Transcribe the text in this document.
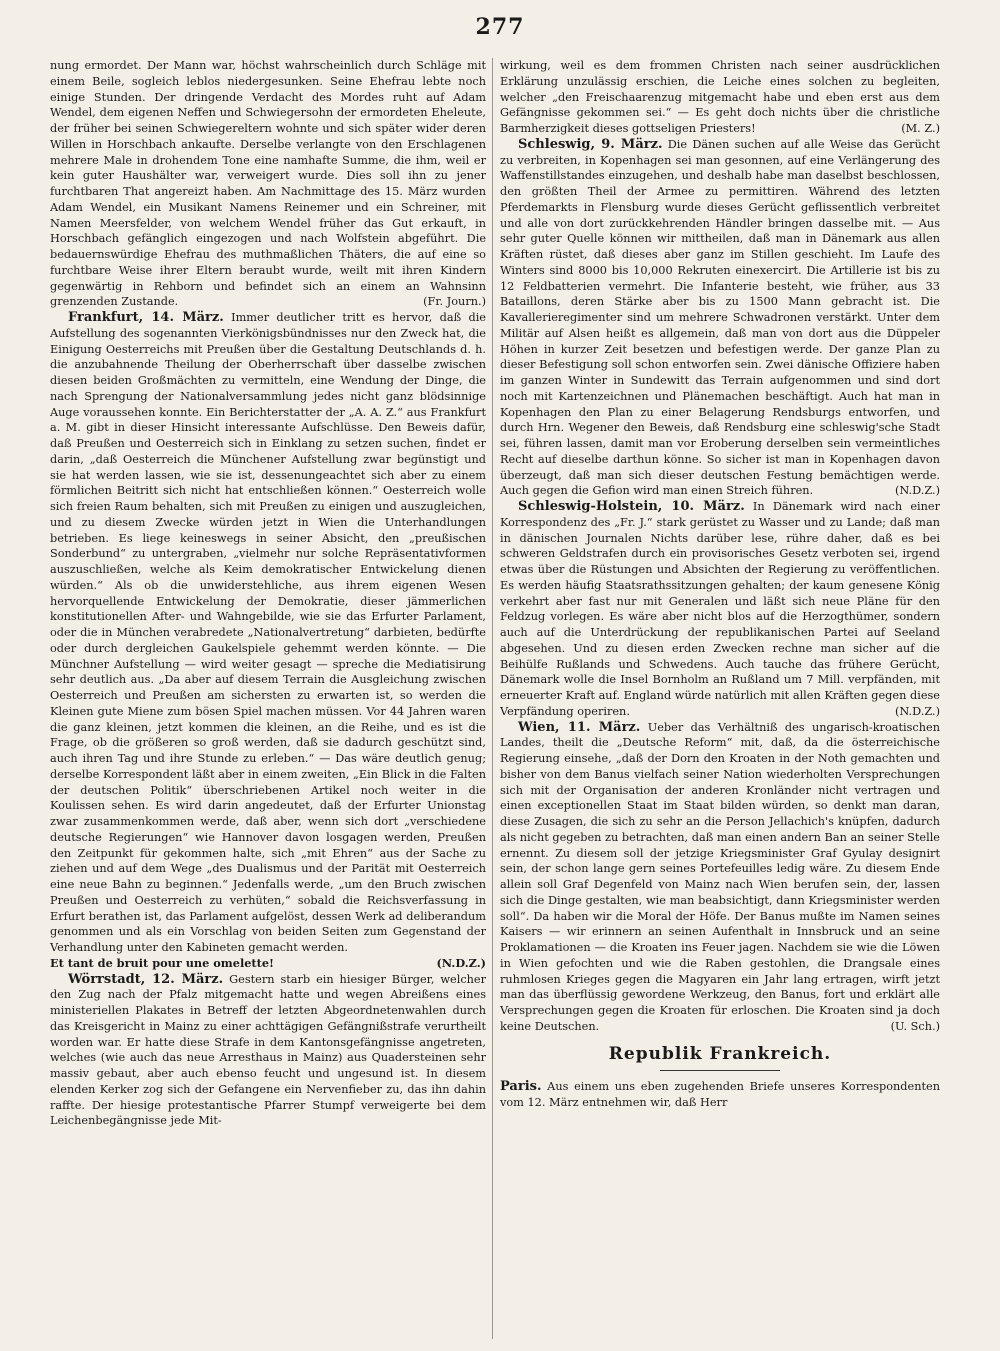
277

nung ermordet. Der Mann war, höchst wahrscheinlich durch Schläge mit einem Beile, sogleich leblos niedergesunken. Seine Ehefrau lebte noch einige Stunden. Der dringende Verdacht des Mordes ruht auf Adam Wendel, dem eigenen Neffen und Schwiegersohn der ermordeten Eheleute, der früher bei seinen Schwiegereltern wohnte und sich später wider deren Willen in Horschbach ankaufte. Derselbe verlangte von den Erschlagenen mehrere Male in drohendem Tone eine namhafte Summe, die ihm, weil er kein guter Haushälter war, verweigert wurde. Dies soll ihn zu jener furchtbaren That angereizt haben. Am Nachmittage des 15. März wurden Adam Wendel, ein Musikant Namens Reinemer und ein Schreiner, mit Namen Meersfelder, von welchem Wendel früher das Gut erkauft, in Horschbach gefänglich eingezogen und nach Wolfstein abgeführt. Die bedauernswürdige Ehefrau des muthmaßlichen Thäters, die auf eine so furchtbare Weise ihrer Eltern beraubt wurde, weilt mit ihren Kindern gegenwärtig in Rehborn und befindet sich an einem an Wahnsinn grenzenden Zustande.	(Fr. Journ.)

Frankfurt, 14. März. Immer deutlicher tritt es hervor, daß die Aufstellung des sogenannten Vierkönigsbündnisses nur den Zweck hat, die Einigung Oesterreichs mit Preußen über die Gestaltung Deutschlands d. h. die anzubahnende Theilung der Oberherrschaft über dasselbe zwischen diesen beiden Großmächten zu vermitteln, eine Wendung der Dinge, die nach Sprengung der Nationalversammlung jedes nicht ganz blödsinnige Auge voraussehen konnte. Ein Berichterstatter der „A. A. Z.“ aus Frankfurt a. M. gibt in dieser Hinsicht interessante Aufschlüsse. Den Beweis dafür, daß Preußen und Oesterreich sich in Einklang zu setzen suchen, findet er darin, „daß Oesterreich die Münchener Aufstellung zwar begünstigt und sie hat werden lassen, wie sie ist, dessenungeachtet sich aber zu einem förmlichen Beitritt sich nicht hat entschließen können.“ Oesterreich wolle sich freien Raum behalten, sich mit Preußen zu einigen und auszugleichen, und zu diesem Zwecke würden jetzt in Wien die Unterhandlungen betrieben. Es liege keineswegs in seiner Absicht, den „preußischen Sonderbund“ zu untergraben, „vielmehr nur solche Repräsentativformen auszuschließen, welche als Keim demokratischer Entwickelung dienen würden.“ Als ob die unwiderstehliche, aus ihrem eigenen Wesen hervorquellende Entwickelung der Demokratie, dieser jämmerlichen konstitutionellen After- und Wahngebilde, wie sie das Erfurter Parlament, oder die in München verabredete „Nationalvertretung“ darbieten, bedürfte oder durch dergleichen Gaukelspiele gehemmt werden könnte. — Die Münchner Aufstellung — wird weiter gesagt — spreche die Mediatisirung sehr deutlich aus. „Da aber auf diesem Terrain die Ausgleichung zwischen Oesterreich und Preußen am sichersten zu erwarten ist, so werden die Kleinen gute Miene zum bösen Spiel machen müssen. Vor 44 Jahren waren die ganz kleinen, jetzt kommen die kleinen, an die Reihe, und es ist die Frage, ob die größeren so groß werden, daß sie dadurch geschützt sind, auch ihren Tag und ihre Stunde zu erleben.“ — Das wäre deutlich genug; derselbe Korrespondent läßt aber in einem zweiten, „Ein Blick in die Falten der deutschen Politik“ überschriebenen Artikel noch weiter in die Koulissen sehen. Es wird darin angedeutet, daß der Erfurter Unionstag zwar zusammenkommen werde, daß aber, wenn sich dort „verschiedene deutsche Regierungen“ wie Hannover davon losgagen werden, Preußen den Zeitpunkt für gekommen halte, sich „mit Ehren“ aus der Sache zu ziehen und auf dem Wege „des Dualismus und der Parität mit Oesterreich eine neue Bahn zu beginnen.“ Jedenfalls werde, „um den Bruch zwischen Preußen und Oesterreich zu verhüten,“ sobald die Reichsverfassung in Erfurt berathen ist, das Parlament aufgelöst, dessen Werk ad deliberandum genommen und als ein Vorschlag von beiden Seiten zum Gegenstand der Verhandlung unter den Kabineten gemacht werden.

Et tant de bruit pour une omelette!	(N.D.Z.)

Wörrstadt, 12. März. Gestern starb ein hiesiger Bürger, welcher den Zug nach der Pfalz mitgemacht hatte und wegen Abreißens eines ministeriellen Plakates in Betreff der letzten Abgeordnetenwahlen durch das Kreisgericht in Mainz zu einer achttägigen Gefängnißstrafe verurtheilt worden war. Er hatte diese Strafe in dem Kantonsgefängnisse angetreten, welches (wie auch das neue Arresthaus in Mainz) aus Quadersteinen sehr massiv gebaut, aber auch ebenso feucht und ungesund ist. In diesem elenden Kerker zog sich der Gefangene ein Nervenfieber zu, das ihn dahin raffte. Der hiesige protestantische Pfarrer Stumpf verweigerte bei dem Leichenbegängnisse jede Mit-

wirkung, weil es dem frommen Christen nach seiner ausdrücklichen Erklärung unzulässig erschien, die Leiche eines solchen zu begleiten, welcher „den Freischaarenzug mitgemacht habe und eben erst aus dem Gefängnisse gekommen sei.“ — Es geht doch nichts über die christliche Barmherzigkeit dieses gottseligen Priesters!	(M. Z.)

Schleswig, 9. März. Die Dänen suchen auf alle Weise das Gerücht zu verbreiten, in Kopenhagen sei man gesonnen, auf eine Verlängerung des Waffenstillstandes einzugehen, und deshalb habe man daselbst beschlossen, den größten Theil der Armee zu permittiren. Während des letzten Pferdemarkts in Flensburg wurde dieses Gerücht geflissentlich verbreitet und alle von dort zurückkehrenden Händler bringen dasselbe mit. — Aus sehr guter Quelle können wir mittheilen, daß man in Dänemark aus allen Kräften rüstet, daß dieses aber ganz im Stillen geschieht. Im Laufe des Winters sind 8000 bis 10,000 Rekruten einexercirt. Die Artillerie ist bis zu 12 Feldbatterien vermehrt. Die Infanterie besteht, wie früher, aus 33 Bataillons, deren Stärke aber bis zu 1500 Mann gebracht ist. Die Kavallerieregimenter sind um mehrere Schwadronen verstärkt. Unter dem Militär auf Alsen heißt es allgemein, daß man von dort aus die Düppeler Höhen in kurzer Zeit besetzen und befestigen werde. Der ganze Plan zu dieser Befestigung soll schon entworfen sein. Zwei dänische Offiziere haben im ganzen Winter in Sundewitt das Terrain aufgenommen und sind dort noch mit Kartenzeichnen und Plänemachen beschäftigt. Auch hat man in Kopenhagen den Plan zu einer Belagerung Rendsburgs entworfen, und durch Hrn. Wegener den Beweis, daß Rendsburg eine schleswig'sche Stadt sei, führen lassen, damit man vor Eroberung derselben sein vermeintliches Recht auf dieselbe darthun könne. So sicher ist man in Kopenhagen davon überzeugt, daß man sich dieser deutschen Festung bemächtigen werde. Auch gegen die Gefion wird man einen Streich führen.	(N.D.Z.)

Schleswig-Holstein, 10. März. In Dänemark wird nach einer Korrespondenz des „Fr. J.“ stark gerüstet zu Wasser und zu Lande; daß man in dänischen Journalen Nichts darüber lese, rühre daher, daß es bei schweren Geldstrafen durch ein provisorisches Gesetz verboten sei, irgend etwas über die Rüstungen und Absichten der Regierung zu veröffentlichen. Es werden häufig Staatsrathssitzungen gehalten; der kaum genesene König verkehrt aber fast nur mit Generalen und läßt sich neue Pläne für den Feldzug vorlegen. Es wäre aber nicht blos auf die Herzogthümer, sondern auch auf die Unterdrückung der republikanischen Partei auf Seeland abgesehen. Und zu diesen erden Zwecken rechne man sicher auf die Beihülfe Rußlands und Schwedens. Auch tauche das frühere Gerücht, Dänemark wolle die Insel Bornholm an Rußland um 7 Mill. verpfänden, mit erneuerter Kraft auf. England würde natürlich mit allen Kräften gegen diese Verpfändung operiren.	(N.D.Z.)

Wien, 11. März. Ueber das Verhältniß des ungarisch-kroatischen Landes, theilt die „Deutsche Reform“ mit, daß, da die österreichische Regierung einsehe, „daß der Dorn den Kroaten in der Noth gemachten und bisher von dem Banus vielfach seiner Nation wiederholten Versprechungen sich mit der Organisation der anderen Kronländer nicht vertragen und einen exceptionellen Staat im Staat bilden würden, so denkt man daran, diese Zusagen, die sich zu sehr an die Person Jellachich's knüpfen, dadurch als nicht gegeben zu betrachten, daß man einen andern Ban an seiner Stelle ernennt. Zu diesem soll der jetzige Kriegsminister Graf Gyulay designirt sein, der schon lange gern seines Portefeuilles ledig wäre. Zu diesem Ende allein soll Graf Degenfeld von Mainz nach Wien berufen sein, der, lassen sich die Dinge gestalten, wie man beabsichtigt, dann Kriegsminister werden soll“. Da haben wir die Moral der Höfe. Der Banus mußte im Namen seines Kaisers — wir erinnern an seinen Aufenthalt in Innsbruck und an seine Proklamationen — die Kroaten ins Feuer jagen. Nachdem sie wie die Löwen in Wien gefochten und wie die Raben gestohlen, die Drangsale eines ruhmlosen Krieges gegen die Magyaren ein Jahr lang ertragen, wirft jetzt man das überflüssig gewordene Werkzeug, den Banus, fort und erklärt alle Versprechungen gegen die Kroaten für erloschen. Die Kroaten sind ja doch keine Deutschen.	(U. Sch.)

Republik Frankreich.

Paris. Aus einem uns eben zugehenden Briefe unseres Korrespondenten vom 12. März entnehmen wir, daß Herr
